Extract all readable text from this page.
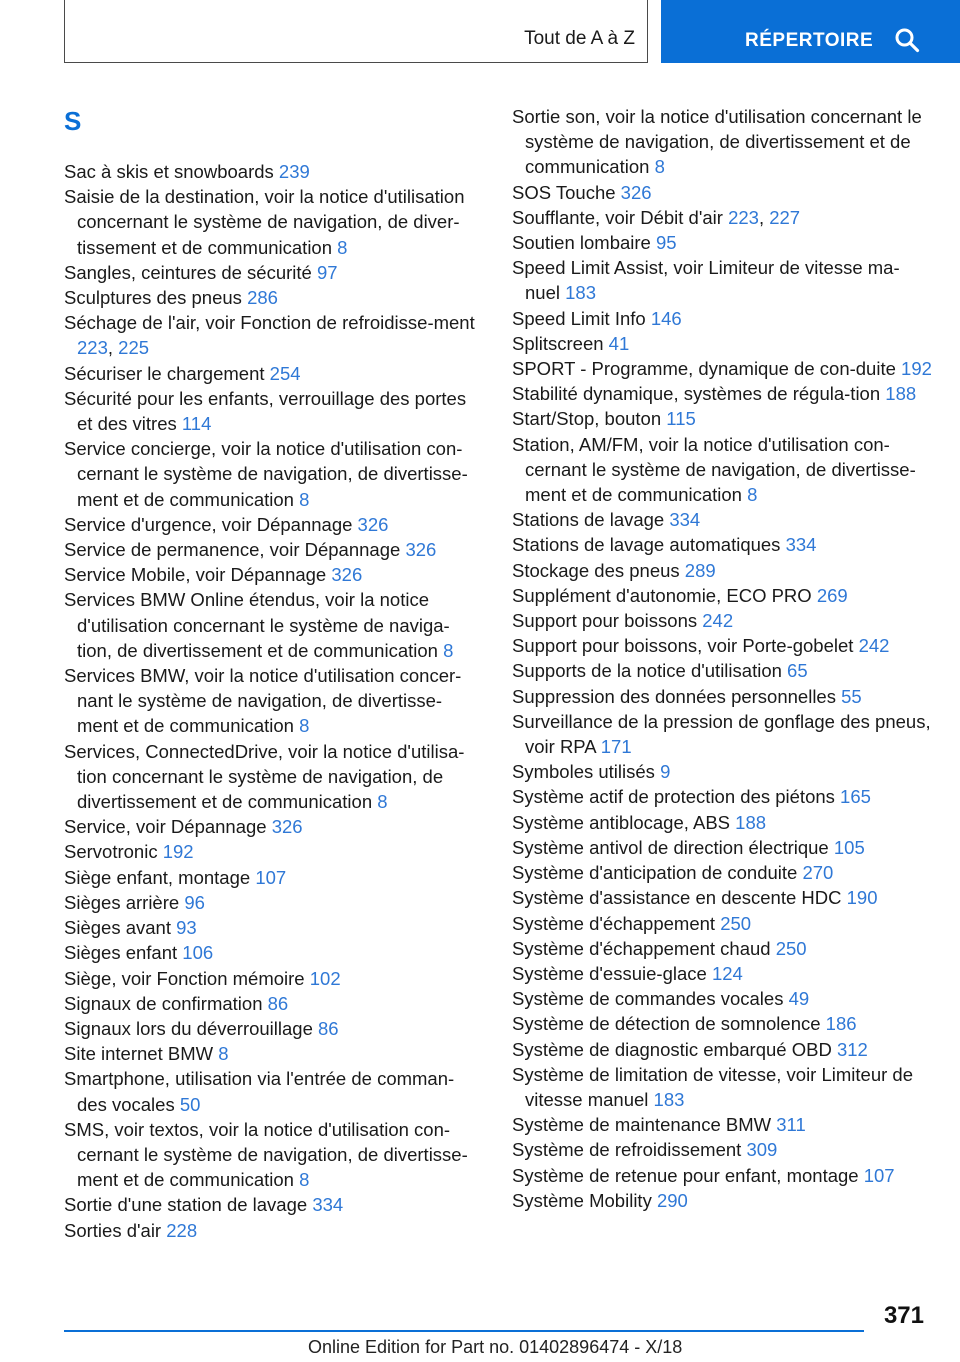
Tout de A à Z	RÉPERTOIRE
S
Sac à skis et snowboards 239
Saisie de la destination, voir la notice d'utilisation concernant le système de navigation, de diver-tissement et de communication 8
Sangles, ceintures de sécurité 97
Sculptures des pneus 286
Séchage de l'air, voir Fonction de refroidisse-ment 223, 225
Sécuriser le chargement 254
Sécurité pour les enfants, verrouillage des portes et des vitres 114
Service concierge, voir la notice d'utilisation con-cernant le système de navigation, de divertisse-ment et de communication 8
Service d'urgence, voir Dépannage 326
Service de permanence, voir Dépannage 326
Service Mobile, voir Dépannage 326
Services BMW Online étendus, voir la notice d'utilisation concernant le système de naviga-tion, de divertissement et de communication 8
Services BMW, voir la notice d'utilisation concer-nant le système de navigation, de divertisse-ment et de communication 8
Services, ConnectedDrive, voir la notice d'utilisa-tion concernant le système de navigation, de divertissement et de communication 8
Service, voir Dépannage 326
Servotronic 192
Siège enfant, montage 107
Sièges arrière 96
Sièges avant 93
Sièges enfant 106
Siège, voir Fonction mémoire 102
Signaux de confirmation 86
Signaux lors du déverrouillage 86
Site internet BMW 8
Smartphone, utilisation via l'entrée de comman-des vocales 50
SMS, voir textos, voir la notice d'utilisation con-cernant le système de navigation, de divertisse-ment et de communication 8
Sortie d'une station de lavage 334
Sorties d'air 228
Sortie son, voir la notice d'utilisation concernant le système de navigation, de divertissement et de communication 8
SOS Touche 326
Soufflante, voir Débit d'air 223, 227
Soutien lombaire 95
Speed Limit Assist, voir Limiteur de vitesse ma-nuel 183
Speed Limit Info 146
Splitscreen 41
SPORT - Programme, dynamique de con-duite 192
Stabilité dynamique, systèmes de régula-tion 188
Start/Stop, bouton 115
Station, AM/FM, voir la notice d'utilisation con-cernant le système de navigation, de divertisse-ment et de communication 8
Stations de lavage 334
Stations de lavage automatiques 334
Stockage des pneus 289
Supplément d'autonomie, ECO PRO 269
Support pour boissons 242
Support pour boissons, voir Porte-gobelet 242
Supports de la notice d'utilisation 65
Suppression des données personnelles 55
Surveillance de la pression de gonflage des pneus, voir RPA 171
Symboles utilisés 9
Système actif de protection des piétons 165
Système antiblocage, ABS 188
Système antivol de direction électrique 105
Système d'anticipation de conduite 270
Système d'assistance en descente HDC 190
Système d'échappement 250
Système d'échappement chaud 250
Système d'essuie-glace 124
Système de commandes vocales 49
Système de détection de somnolence 186
Système de diagnostic embarqué OBD 312
Système de limitation de vitesse, voir Limiteur de vitesse manuel 183
Système de maintenance BMW 311
Système de refroidissement 309
Système de retenue pour enfant, montage 107
Système Mobility 290
371
Online Edition for Part no. 01402896474 - X/18
